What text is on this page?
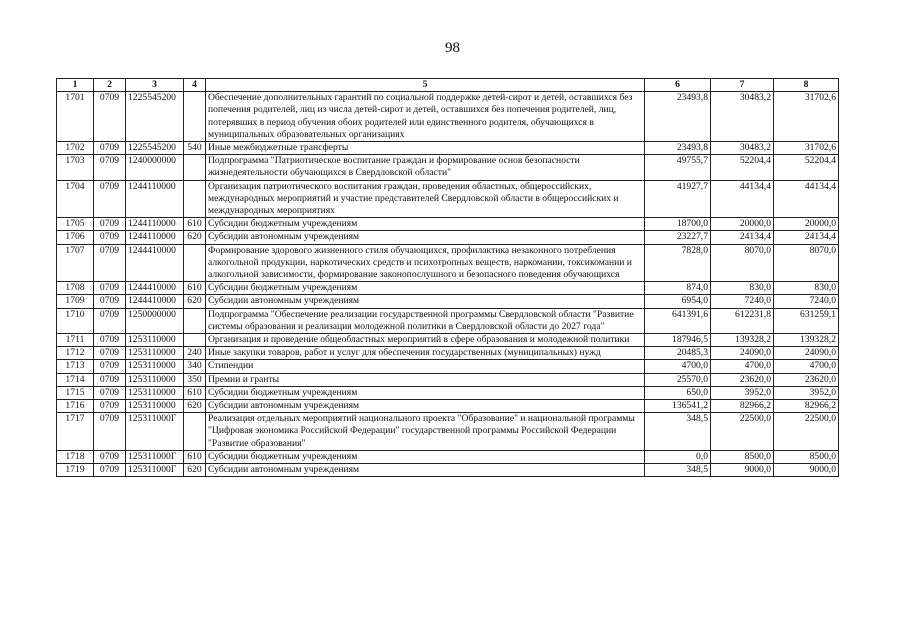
98
1	2	3	4	5	6	7	8
1701	0709	1225545200		Обеспечение дополнительных гарантий по социальной поддержке детей-сирот и детей, оставшихся без попечения родителей, лиц из числа детей-сирот и детей, оставшихся без попечения родителей, лиц, потерявших в период обучения обоих родителей или единственного родителя, обучающихся в муниципальных образовательных организациях	23493,8	30483,2	31702,6
1702	0709	1225545200	540	Иные межбюджетные трансферты	23493,8	30483,2	31702,6
1703	0709	1240000000		Подпрограмма "Патриотическое воспитание граждан и формирование основ безопасности жизнедеятельности обучающихся в Свердловской области"	49755,7	52204,4	52204,4
1704	0709	1244110000		Организация патриотического воспитания граждан, проведения областных, общероссийских, международных мероприятий и участие представителей Свердловской области в общероссийских и международных мероприятиях	41927,7	44134,4	44134,4
1705	0709	1244110000	610	Субсидии бюджетным учреждениям	18700,0	20000,0	20000,0
1706	0709	1244110000	620	Субсидии автономным учреждениям	23227,7	24134,4	24134,4
1707	0709	1244410000		Формирование здорового жизненного стиля обучающихся, профилактика незаконного потребления алкогольной продукции, наркотических средств и психотропных веществ, наркомании, токсикомании и алкогольной зависимости, формирование законопослушного и безопасного поведения обучающихся	7828,0	8070,0	8070,0
1708	0709	1244410000	610	Субсидии бюджетным учреждениям	874,0	830,0	830,0
1709	0709	1244410000	620	Субсидии автономным учреждениям	6954,0	7240,0	7240,0
1710	0709	1250000000		Подпрограмма "Обеспечение реализации государственной программы Свердловской области "Развитие системы образования и реализация молодежной политики в Свердловской области до 2027 года"	641391,6	612231,8	631259,1
1711	0709	1253110000		Организация и проведение общеобластных мероприятий в сфере образования и молодежной политики	187946,5	139328,2	139328,2
1712	0709	1253110000	240	Иные закупки товаров, работ и услуг для обеспечения государственных (муниципальных) нужд	20485,3	24090,0	24090,0
1713	0709	1253110000	340	Стипендии	4700,0	4700,0	4700,0
1714	0709	1253110000	350	Премии и гранты	25570,0	23620,0	23620,0
1715	0709	1253110000	610	Субсидии бюджетным учреждениям	650,0	3952,0	3952,0
1716	0709	1253110000	620	Субсидии автономным учреждениям	136541,2	82966,2	82966,2
1717	0709	125311000Г		Реализация отдельных мероприятий национального проекта "Образование" и национальной программы "Цифровая экономика Российской Федерации" государственной программы Российской Федерации "Развитие образования"	348,5	22500,0	22500,0
1718	0709	125311000Г	610	Субсидии бюджетным учреждениям	0,0	8500,0	8500,0
1719	0709	125311000Г	620	Субсидии автономным учреждениям	348,5	9000,0	9000,0
